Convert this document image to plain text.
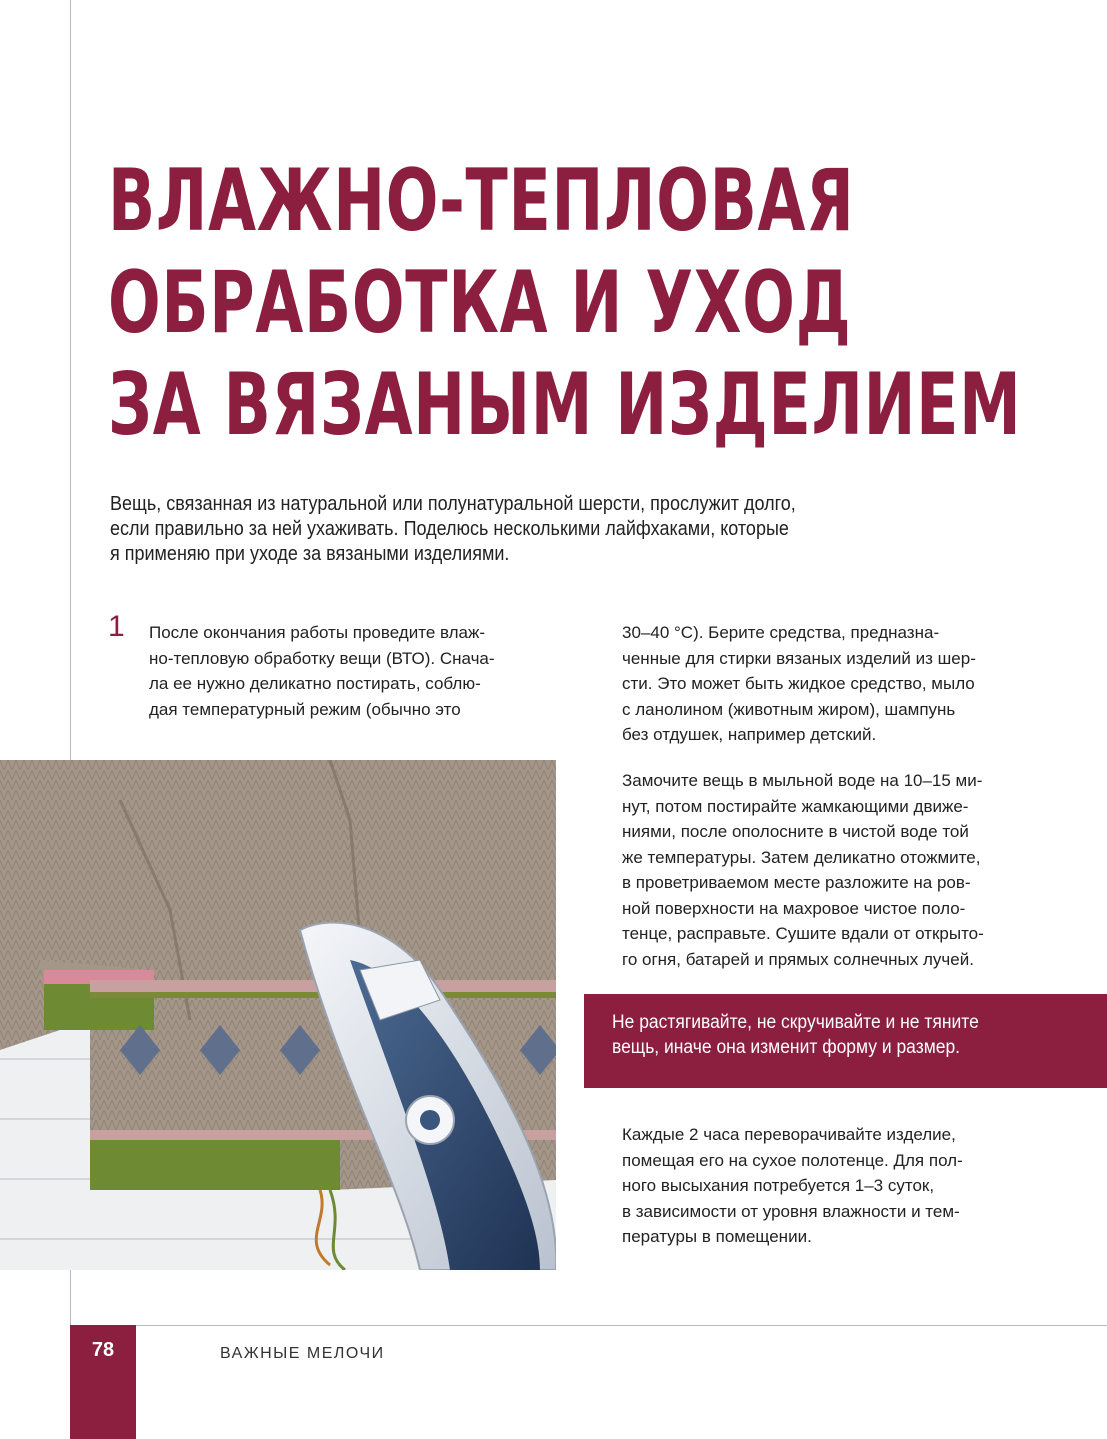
ВЛАЖНО-ТЕПЛОВАЯ
ОБРАБОТКА И УХОД
ЗА ВЯЗАНЫМ ИЗДЕЛИЕМ
Вещь, связанная из натуральной или полунатуральной шерсти, прослужит долго,
если правильно за ней ухаживать. Поделюсь несколькими лайфхаками, которые
я применяю при уходе за вязаными изделиями.
1 После окончания работы проведите влаж-
но-тепловую обработку вещи (ВТО). Снача-
ла ее нужно деликатно постирать, соблю-
дая температурный режим (обычно это

30–40 °С). Берите средства, предназна-
ченные для стирки вязаных изделий из шер-
сти. Это может быть жидкое средство, мыло
с ланолином (животным жиром), шампунь
без отдушек, например детский.

Замочите вещь в мыльной воде на 10–15 ми-
нут, потом постирайте жамкающими движе-
ниями, после ополосните в чистой воде той
же температуры. Затем деликатно отожмите,
в проветриваемом месте разложите на ров-
ной поверхности на махровое чистое поло-
тенце, расправьте. Сушите вдали от открыто-
го огня, батарей и прямых солнечных лучей.

Не растягивайте, не скручивайте и не тяните
вещь, иначе она изменит форму и размер.

Каждые 2 часа переворачивайте изделие,
помещая его на сухое полотенце. Для пол-
ного высыхания потребуется 1–3 суток,
в зависимости от уровня влажности и тем-
пературы в помещении.

78	ВАЖНЫЕ МЕЛОЧИ
